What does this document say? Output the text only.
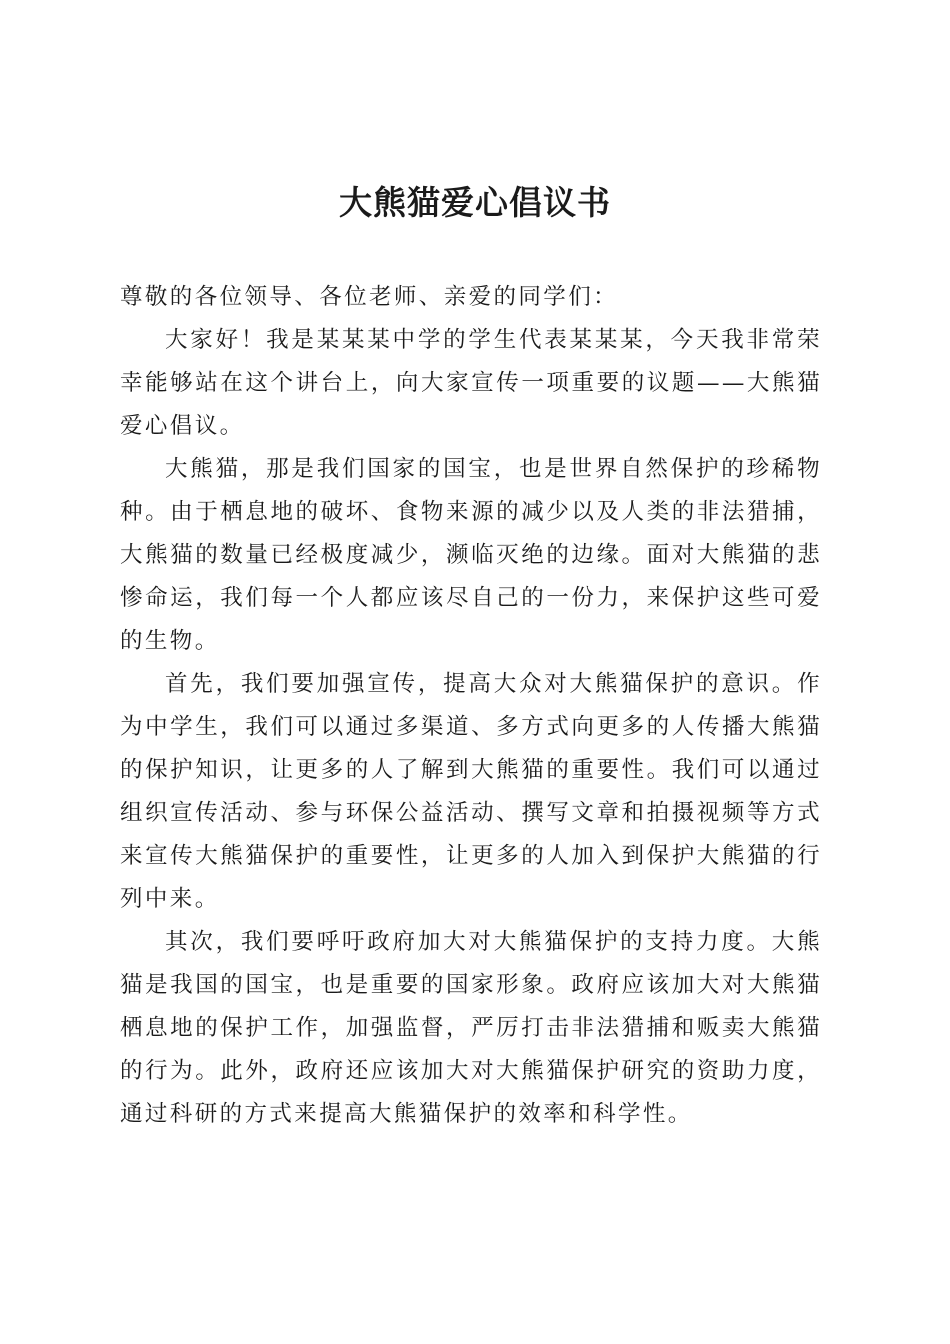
大熊猫爱心倡议书

尊敬的各位领导、各位老师、亲爱的同学们：

大家好！我是某某某中学的学生代表某某某，今天我非常荣幸能够站在这个讲台上，向大家宣传一项重要的议题——大熊猫爱心倡议。

大熊猫，那是我们国家的国宝，也是世界自然保护的珍稀物种。由于栖息地的破坏、食物来源的减少以及人类的非法猎捕，大熊猫的数量已经极度减少，濒临灭绝的边缘。面对大熊猫的悲惨命运，我们每一个人都应该尽自己的一份力，来保护这些可爱的生物。

首先，我们要加强宣传，提高大众对大熊猫保护的意识。作为中学生，我们可以通过多渠道、多方式向更多的人传播大熊猫的保护知识，让更多的人了解到大熊猫的重要性。我们可以通过组织宣传活动、参与环保公益活动、撰写文章和拍摄视频等方式来宣传大熊猫保护的重要性，让更多的人加入到保护大熊猫的行列中来。

其次，我们要呼吁政府加大对大熊猫保护的支持力度。大熊猫是我国的国宝，也是重要的国家形象。政府应该加大对大熊猫栖息地的保护工作，加强监督，严厉打击非法猎捕和贩卖大熊猫的行为。此外，政府还应该加大对大熊猫保护研究的资助力度，通过科研的方式来提高大熊猫保护的效率和科学性。
